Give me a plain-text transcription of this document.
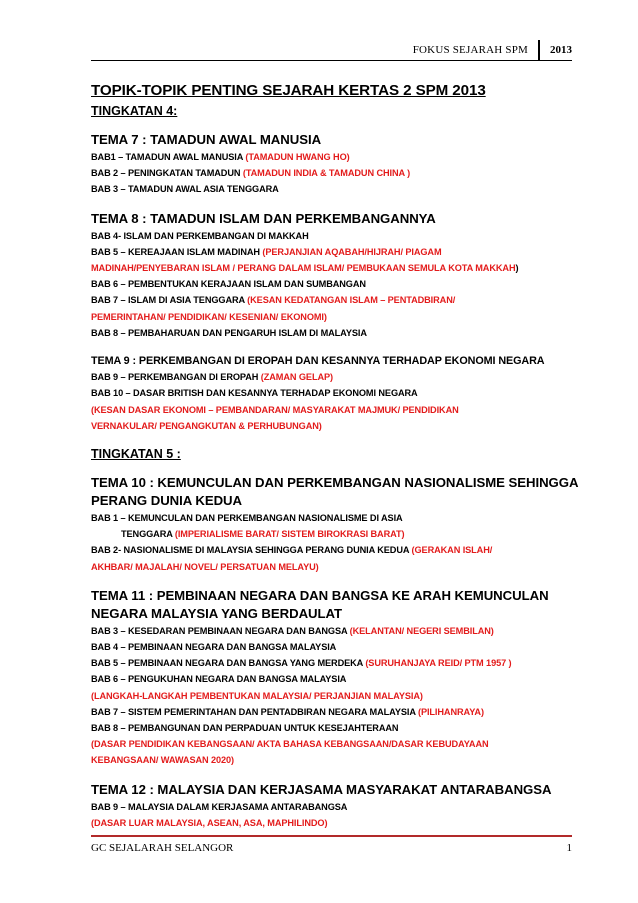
FOKUS SEJARAH SPM	2013
TOPIK-TOPIK PENTING SEJARAH KERTAS 2 SPM 2013
TINGKATAN 4:
TEMA 7 : TAMADUN AWAL MANUSIA
BAB1 – TAMADUN AWAL MANUSIA (TAMADUN HWANG HO)
BAB 2 – PENINGKATAN TAMADUN (TAMADUN INDIA & TAMADUN CHINA )
BAB 3 – TAMADUN AWAL ASIA TENGGARA
TEMA 8 : TAMADUN ISLAM DAN PERKEMBANGANNYA
BAB 4- ISLAM DAN PERKEMBANGAN DI MAKKAH
BAB 5 – KEREAJAAN ISLAM MADINAH (PERJANJIAN AQABAH/HIJRAH/ PIAGAM
MADINAH/PENYEBARAN ISLAM / PERANG DALAM ISLAM/ PEMBUKAAN SEMULA KOTA MAKKAH)
BAB 6 – PEMBENTUKAN KERAJAAN ISLAM DAN SUMBANGAN
BAB 7 – ISLAM DI ASIA TENGGARA (KESAN KEDATANGAN ISLAM – PENTADBIRAN/
PEMERINTAHAN/ PENDIDIKAN/ KESENIAN/ EKONOMI)
BAB 8 – PEMBAHARUAN DAN PENGARUH ISLAM DI MALAYSIA
TEMA 9 : PERKEMBANGAN DI EROPAH DAN KESANNYA TERHADAP EKONOMI NEGARA
BAB 9 – PERKEMBANGAN DI EROPAH (ZAMAN GELAP)
BAB 10 – DASAR BRITISH DAN KESANNYA TERHADAP EKONOMI NEGARA
(KESAN DASAR EKONOMI – PEMBANDARAN/ MASYARAKAT MAJMUK/ PENDIDIKAN
VERNAKULAR/ PENGANGKUTAN & PERHUBUNGAN)
TINGKATAN 5 :
TEMA 10 : KEMUNCULAN DAN PERKEMBANGAN NASIONALISME SEHINGGA
PERANG DUNIA KEDUA
BAB 1 – KEMUNCULAN DAN PERKEMBANGAN NASIONALISME DI ASIA
TENGGARA (IMPERIALISME BARAT/ SISTEM BIROKRASI BARAT)
BAB 2- NASIONALISME DI MALAYSIA SEHINGGA PERANG DUNIA KEDUA (GERAKAN ISLAH/
AKHBAR/ MAJALAH/ NOVEL/ PERSATUAN MELAYU)
TEMA 11 : PEMBINAAN NEGARA DAN BANGSA KE ARAH KEMUNCULAN
NEGARA MALAYSIA YANG BERDAULAT
BAB 3 – KESEDARAN PEMBINAAN NEGARA DAN BANGSA (KELANTAN/ NEGERI SEMBILAN)
BAB 4 – PEMBINAAN NEGARA DAN BANGSA MALAYSIA
BAB 5 – PEMBINAAN NEGARA DAN BANGSA YANG MERDEKA (SURUHANJAYA REID/ PTM 1957 )
BAB 6 – PENGUKUHAN NEGARA DAN BANGSA MALAYSIA
(LANGKAH-LANGKAH PEMBENTUKAN MALAYSIA/ PERJANJIAN MALAYSIA)
BAB 7 – SISTEM PEMERINTAHAN DAN PENTADBIRAN NEGARA MALAYSIA (PILIHANRAYA)
BAB 8 – PEMBANGUNAN DAN PERPADUAN UNTUK KESEJAHTERAAN
(DASAR PENDIDIKAN KEBANGSAAN/ AKTA BAHASA KEBANGSAAN/DASAR KEBUDAYAAN
KEBANGSAAN/ WAWASAN 2020)
TEMA 12 : MALAYSIA DAN KERJASAMA MASYARAKAT ANTARABANGSA
BAB 9 – MALAYSIA DALAM KERJASAMA ANTARABANGSA
(DASAR LUAR MALAYSIA, ASEAN, ASA, MAPHILINDO)
GC SEJALARAH SELANGOR	1
